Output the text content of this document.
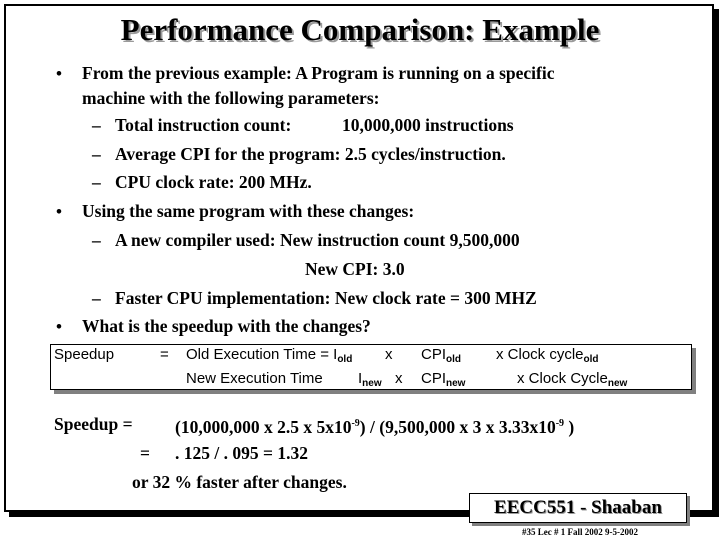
Performance Comparison: Example
• From the previous example: A Program is running on a specific
machine with the following parameters:
– Total instruction count:	10,000,000 instructions
– Average CPI for the program: 2.5 cycles/instruction.
– CPU clock rate: 200 MHz.
• Using the same program with these changes:
– A new compiler used: New instruction count 9,500,000
New CPI: 3.0
– Faster CPU implementation: New clock rate = 300 MHZ
• What is the speedup with the changes?
Speedup	= Old Execution Time = $I_{old}$ x $CPI_{old}$ x Clock cycle$_{old}$
New Execution Time $I_{new}$ x $CPI_{new}$	x Clock Cycle$_{new}$
Speedup = (10,000,000 x 2.5 x $5x10^{-9}) / (9,500,000$ x 3 x $3.33x10^{-9}$ )
= . 125 / . 095 = 1.32
or 32 % faster after changes.
EECC551 - Shaaban
#35 Lec # 1 Fall 2002 9-5-2002
